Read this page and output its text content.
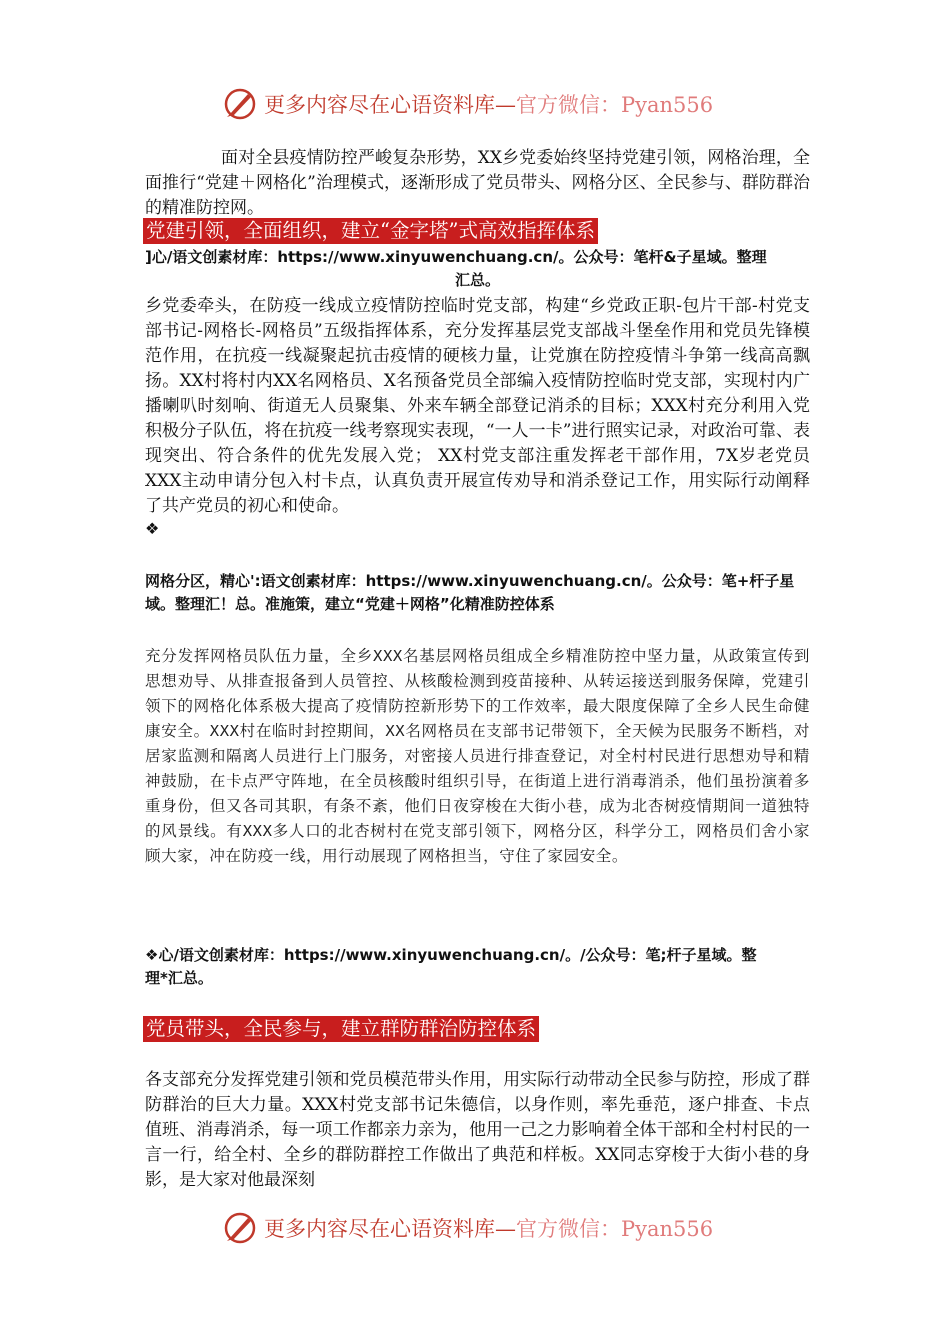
更多内容尽在心语资料库—官方微信：Pyan556

面对全县疫情防控严峻复杂形势，XX乡党委始终坚持党建引领，网格治理，全面推行“党建＋网格化”治理模式，逐渐形成了党员带头、网格分区、全民参与、群防群治的精准防控网。

党建引领，全面组织，建立“金字塔”式高效指挥体系

]心/语文创素材库：https://www.xinyuwenchuang.cn/。公众号：笔杆&子星域。整理

汇总。

乡党委牵头，在防疫一线成立疫情防控临时党支部，构建“乡党政正职-包片干部-村党支部书记-网格长-网格员”五级指挥体系，充分发挥基层党支部战斗堡垒作用和党员先锋模范作用，在抗疫一线凝聚起抗击疫情的硬核力量，让党旗在防控疫情斗争第一线高高飘扬。XX村将村内XX名网格员、X名预备党员全部编入疫情防控临时党支部，实现村内广播喇叭时刻响、街道无人员聚集、外来车辆全部登记消杀的目标；XXX村充分利用入党积极分子队伍，将在抗疫一线考察现实表现，“一人一卡”进行照实记录，对政治可靠、表现突出、符合条件的优先发展入党； XX村党支部注重发挥老干部作用，7X岁老党员XXX主动申请分包入村卡点，认真负责开展宣传劝导和消杀登记工作，用实际行动阐释了共产党员的初心和使命。

❖

网格分区，精心':语文创素材库：https://www.xinyuwenchuang.cn/。公众号：笔+杆子星域。整理汇！总。准施策，建立“党建＋网格”化精准防控体系

充分发挥网格员队伍力量，全乡XXX名基层网格员组成全乡精准防控中坚力量，从政策宣传到思想劝导、从排查报备到人员管控、从核酸检测到疫苗接种、从转运接送到服务保障，党建引领下的网格化体系极大提高了疫情防控新形势下的工作效率，最大限度保障了全乡人民生命健康安全。XXX村在临时封控期间，XX名网格员在支部书记带领下，全天候为民服务不断档，对居家监测和隔离人员进行上门服务，对密接人员进行排查登记，对全村村民进行思想劝导和精神鼓励，在卡点严守阵地，在全员核酸时组织引导，在街道上进行消毒消杀，他们虽扮演着多重身份，但又各司其职，有条不紊，他们日夜穿梭在大街小巷，成为北杏树疫情期间一道独特的风景线。有XXX多人口的北杏树村在党支部引领下，网格分区，科学分工，网格员们舍小家顾大家，冲在防疫一线，用行动展现了网格担当，守住了家园安全。

❖心/语文创素材库：https://www.xinyuwenchuang.cn/。/公众号：笔;杆子星域。整

理*汇总。

党员带头，全民参与，建立群防群治防控体系

各支部充分发挥党建引领和党员模范带头作用，用实际行动带动全民参与防控，形成了群防群治的巨大力量。XXX村党支部书记朱德信，以身作则，率先垂范，逐户排查、卡点值班、消毒消杀，每一项工作都亲力亲为，他用一己之力影响着全体干部和全村村民的一言一行，给全村、全乡的群防群控工作做出了典范和样板。XX同志穿梭于大街小巷的身影，是大家对他最深刻

更多内容尽在心语资料库—官方微信：Pyan556
